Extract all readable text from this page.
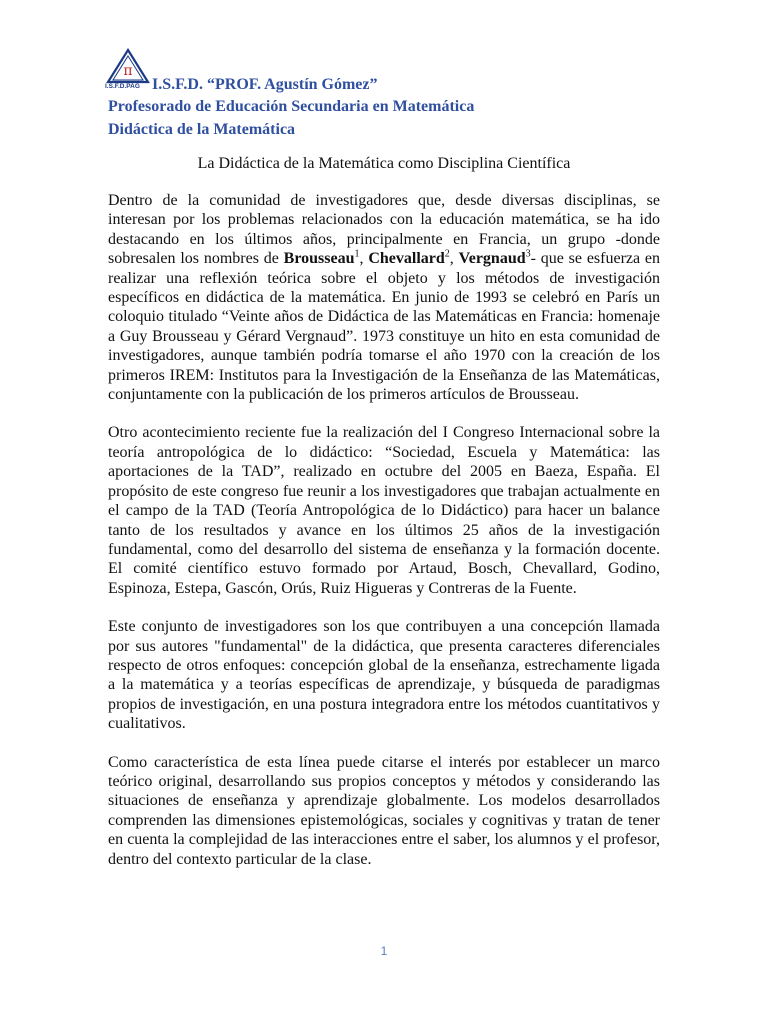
π
I.S.F.D.PAG I.S.F.D. “PROF. Agustín Gómez”
Profesorado de Educación Secundaria en Matemática
Didáctica de la Matemática
La Didáctica de la Matemática como Disciplina Científica

Dentro de la comunidad de investigadores que, desde diversas disciplinas, se interesan por los problemas relacionados con la educación matemática, se ha ido destacando en los últimos años, principalmente en Francia, un grupo -donde sobresalen los nombres de Brousseau$^1$, Chevallard$^2$, Vergnaud$^3$- que se esfuerza en realizar una reflexión teórica sobre el objeto y los métodos de investigación específicos en didáctica de la matemática. En junio de 1993 se celebró en París un coloquio titulado “Veinte años de Didáctica de las Matemáticas en Francia: homenaje a Guy Brousseau y Gérard Vergnaud”. 1973 constituye un hito en esta comunidad de investigadores, aunque también podría tomarse el año 1970 con la creación de los primeros IREM: Institutos para la Investigación de la Enseñanza de las Matemáticas, conjuntamente con la publicación de los primeros artículos de Brousseau.

Otro acontecimiento reciente fue la realización del I Congreso Internacional sobre la teoría antropológica de lo didáctico: “Sociedad, Escuela y Matemática: las aportaciones de la TAD”, realizado en octubre del 2005 en Baeza, España. El propósito de este congreso fue reunir a los investigadores que trabajan actualmente en el campo de la TAD (Teoría Antropológica de lo Didáctico) para hacer un balance tanto de los resultados y avance en los últimos 25 años de la investigación fundamental, como del desarrollo del sistema de enseñanza y la formación docente. El comité científico estuvo formado por Artaud, Bosch, Chevallard, Godino, Espinoza, Estepa, Gascón, Orús, Ruiz Higueras y Contreras de la Fuente.

Este conjunto de investigadores son los que contribuyen a una concepción llamada por sus autores "fundamental" de la didáctica, que presenta caracteres diferenciales respecto de otros enfoques: concepción global de la enseñanza, estrechamente ligada a la matemática y a teorías específicas de aprendizaje, y búsqueda de paradigmas propios de investigación, en una postura integradora entre los métodos cuantitativos y cualitativos.

Como característica de esta línea puede citarse el interés por establecer un marco teórico original, desarrollando sus propios conceptos y métodos y considerando las situaciones de enseñanza y aprendizaje globalmente. Los modelos desarrollados comprenden las dimensiones epistemológicas, sociales y cognitivas y tratan de tener en cuenta la complejidad de las interacciones entre el saber, los alumnos y el profesor, dentro del contexto particular de la clase.

1
